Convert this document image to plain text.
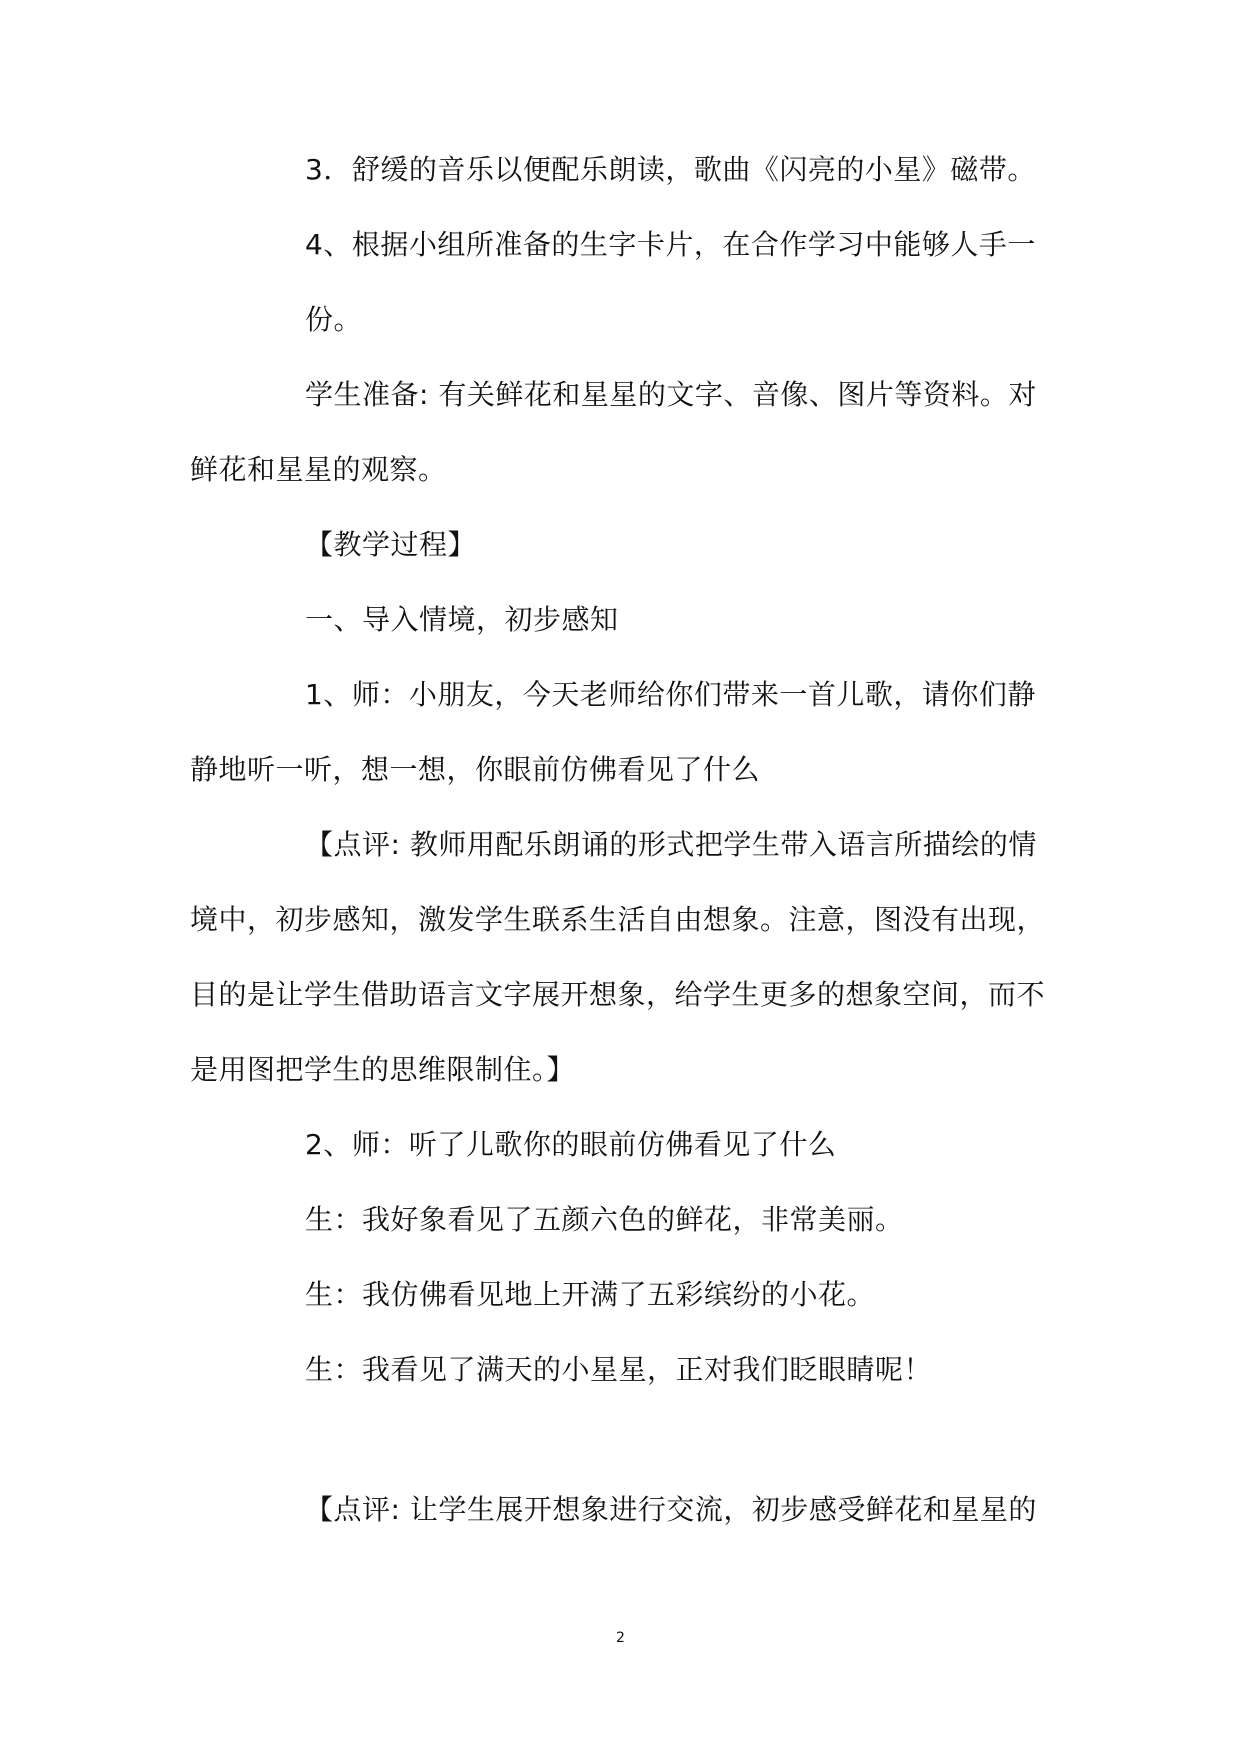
3．舒缓的音乐以便配乐朗读，歌曲《闪亮的小星》磁带。
4、根据小组所准备的生字卡片，在合作学习中能够人手一
份。
学生准备: 有关鲜花和星星的文字、音像、图片等资料。对
鲜花和星星的观察。
【教学过程】
一、导入情境，初步感知
1、师：小朋友，今天老师给你们带来一首儿歌，请你们静
静地听一听，想一想，你眼前仿佛看见了什么
【点评: 教师用配乐朗诵的形式把学生带入语言所描绘的情
境中，初步感知，激发学生联系生活自由想象。注意，图没有出现，
目的是让学生借助语言文字展开想象，给学生更多的想象空间，而不
是用图把学生的思维限制住。】
2、师：听了儿歌你的眼前仿佛看见了什么
生：我好象看见了五颜六色的鲜花，非常美丽。
生：我仿佛看见地上开满了五彩缤纷的小花。
生：我看见了满天的小星星，正对我们眨眼睛呢！
【点评: 让学生展开想象进行交流，初步感受鲜花和星星的
2
